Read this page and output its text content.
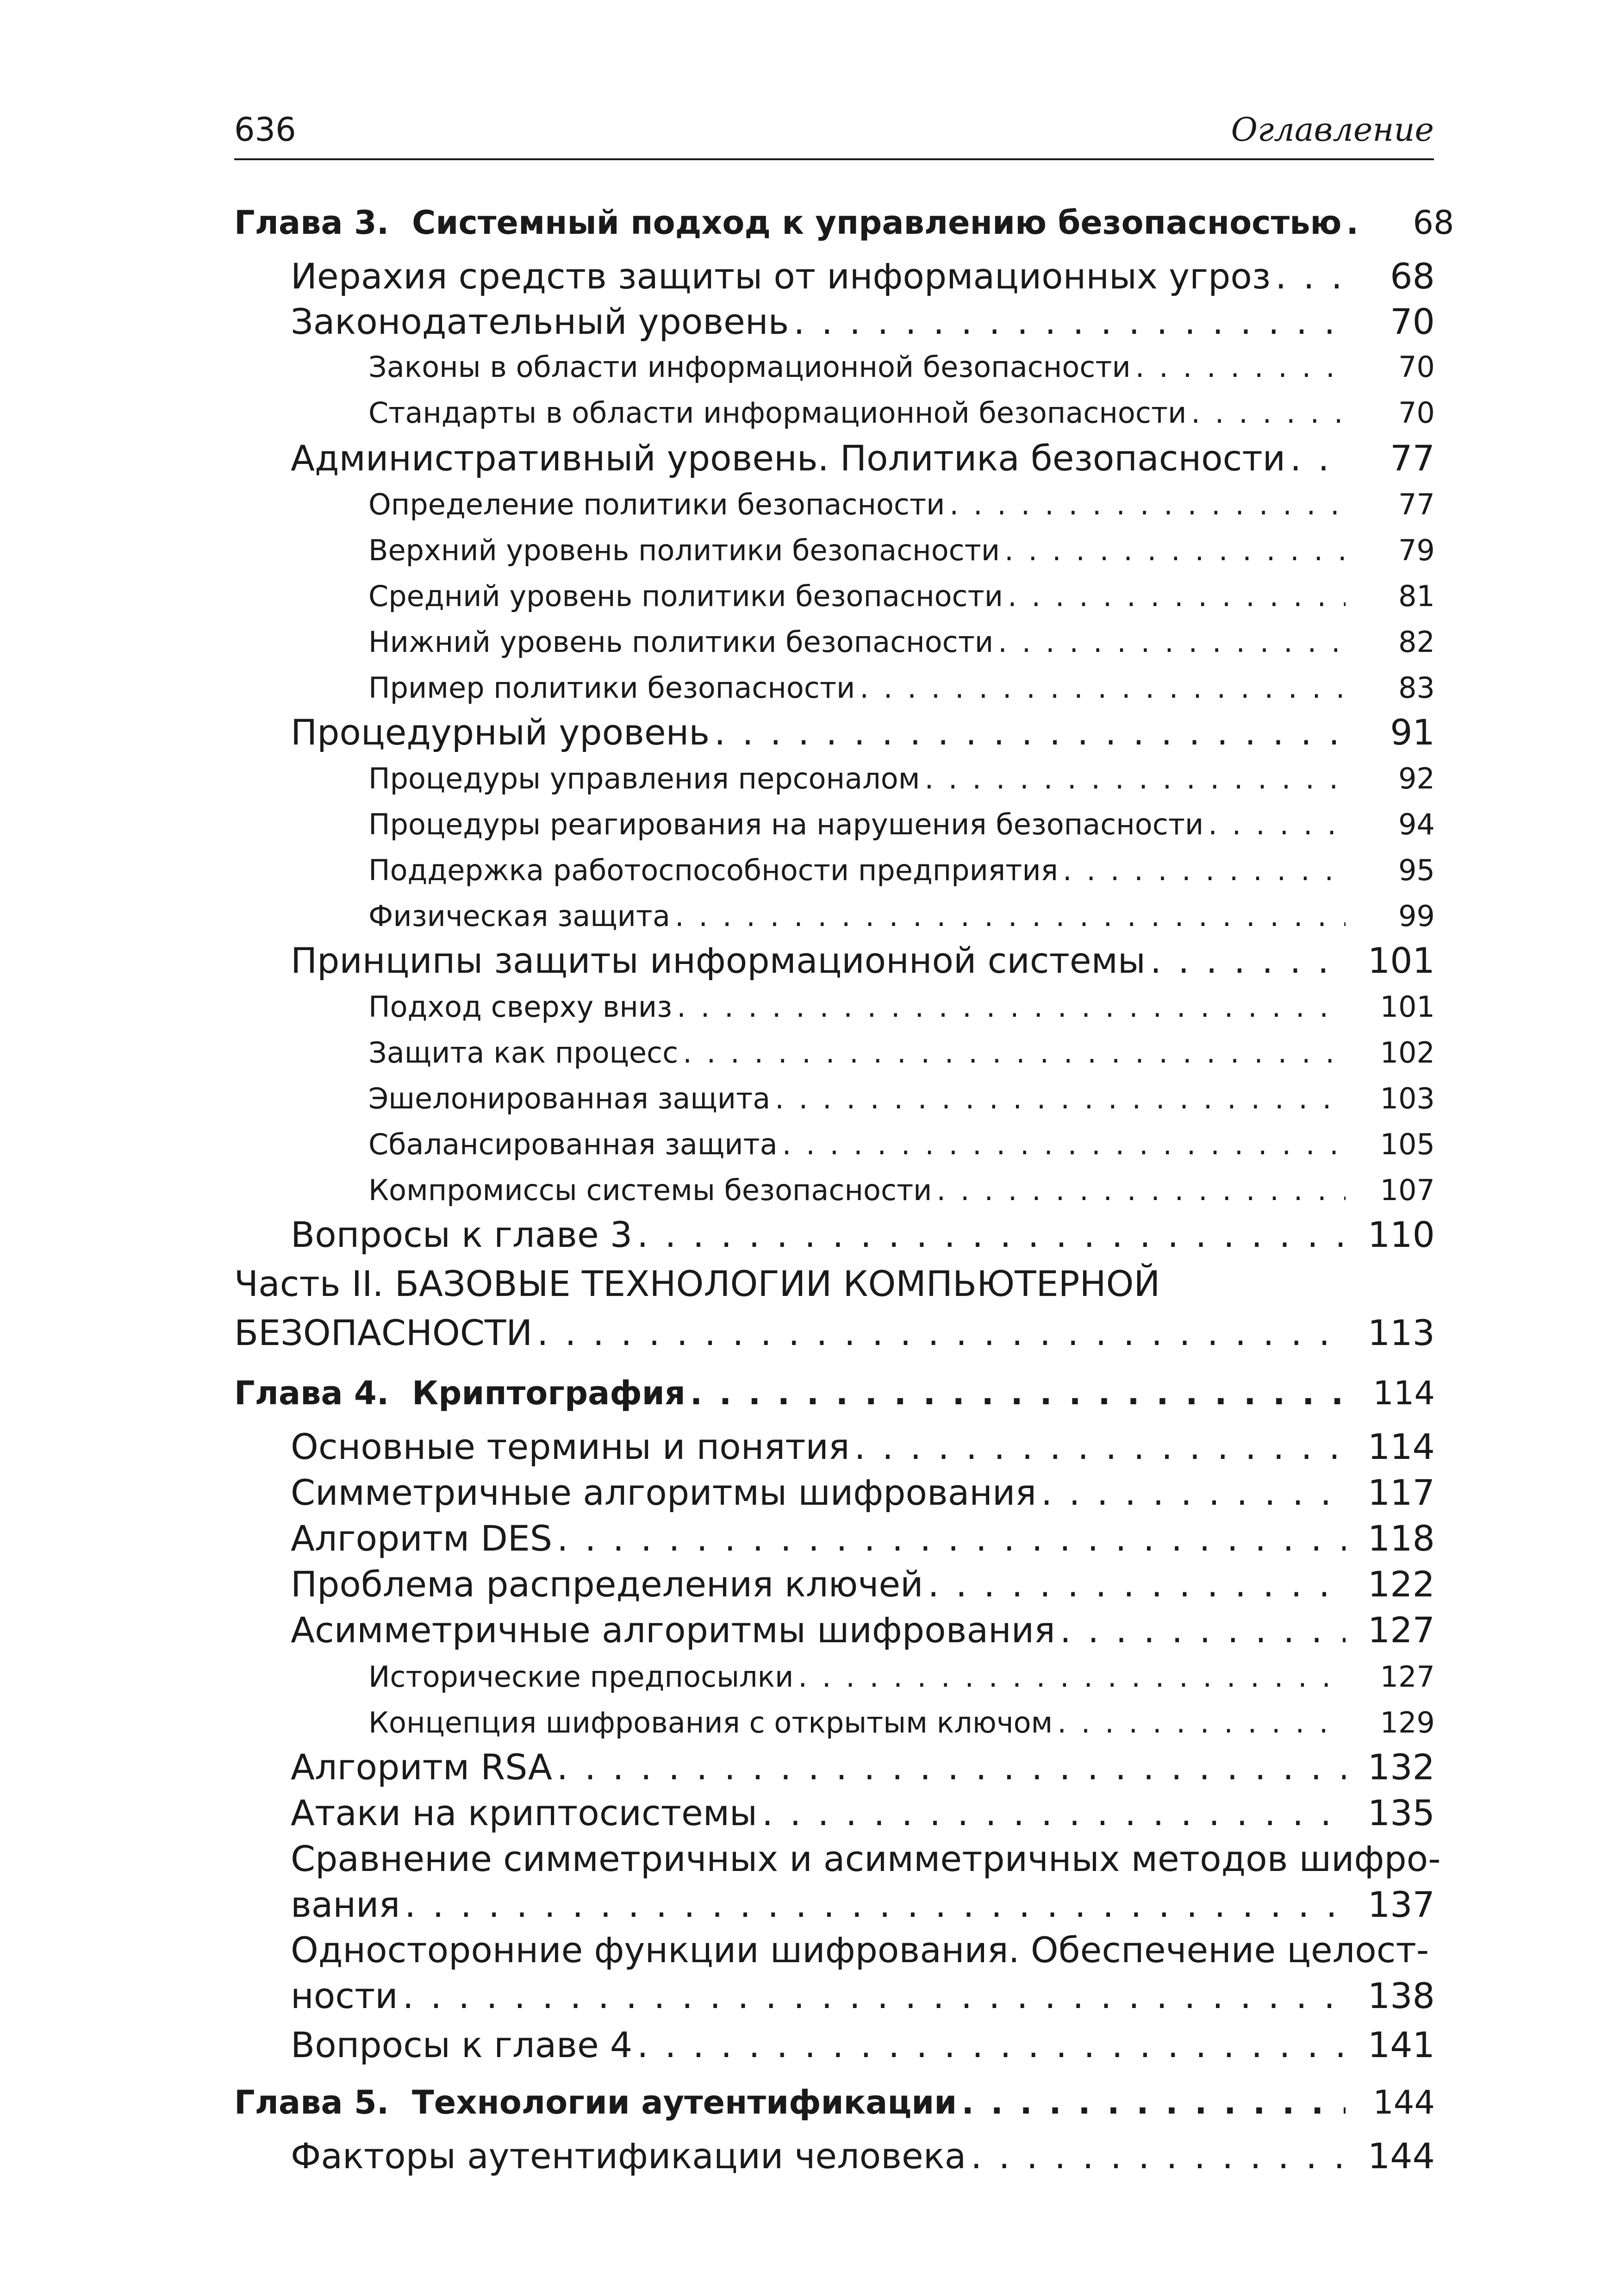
636	Оглавление
Глава 3. Системный подход к управлению безопасностью . . .	68
Иерахия средств защиты от информационных угроз . . .	68
Законодательный уровень . . .	70
Законы в области информационной безопасности . . .	70
Стандарты в области информационной безопасности . . .	70
Административный уровень. Политика безопасности . . .	77
Определение политики безопасности . . .	77
Верхний уровень политики безопасности . . .	79
Средний уровень политики безопасности . . .	81
Нижний уровень политики безопасности . . .	82
Пример политики безопасности . . .	83
Процедурный уровень . . .	91
Процедуры управления персоналом . . .	92
Процедуры реагирования на нарушения безопасности . . .	94
Поддержка работоспособности предприятия . . .	95
Физическая защита . . .	99
Принципы защиты информационной системы . . .	101
Подход сверху вниз . . .	101
Защита как процесс . . .	102
Эшелонированная защита . . .	103
Сбалансированная защита . . .	105
Компромиссы системы безопасности . . .	107
Вопросы к главе 3 . . .	110
Часть II. БАЗОВЫЕ ТЕХНОЛОГИИ КОМПЬЮТЕРНОЙ
БЕЗОПАСНОСТИ . . .	113
Глава 4. Криптография . . .	114
Основные термины и понятия . . .	114
Симметричные алгоритмы шифрования . . .	117
Алгоритм DES . . .	118
Проблема распределения ключей . . .	122
Асимметричные алгоритмы шифрования . . .	127
Исторические предпосылки . . .	127
Концепция шифрования с открытым ключом . . .	129
Алгоритм RSA . . .	132
Атаки на криптосистемы . . .	135
Сравнение симметричных и асимметричных методов шифро-
вания . . .	137
Односторонние функции шифрования. Обеспечение целост-
ности . . .	138
Вопросы к главе 4 . . .	141
Глава 5. Технологии аутентификации . . .	144
Факторы аутентификации человека . . .	144
